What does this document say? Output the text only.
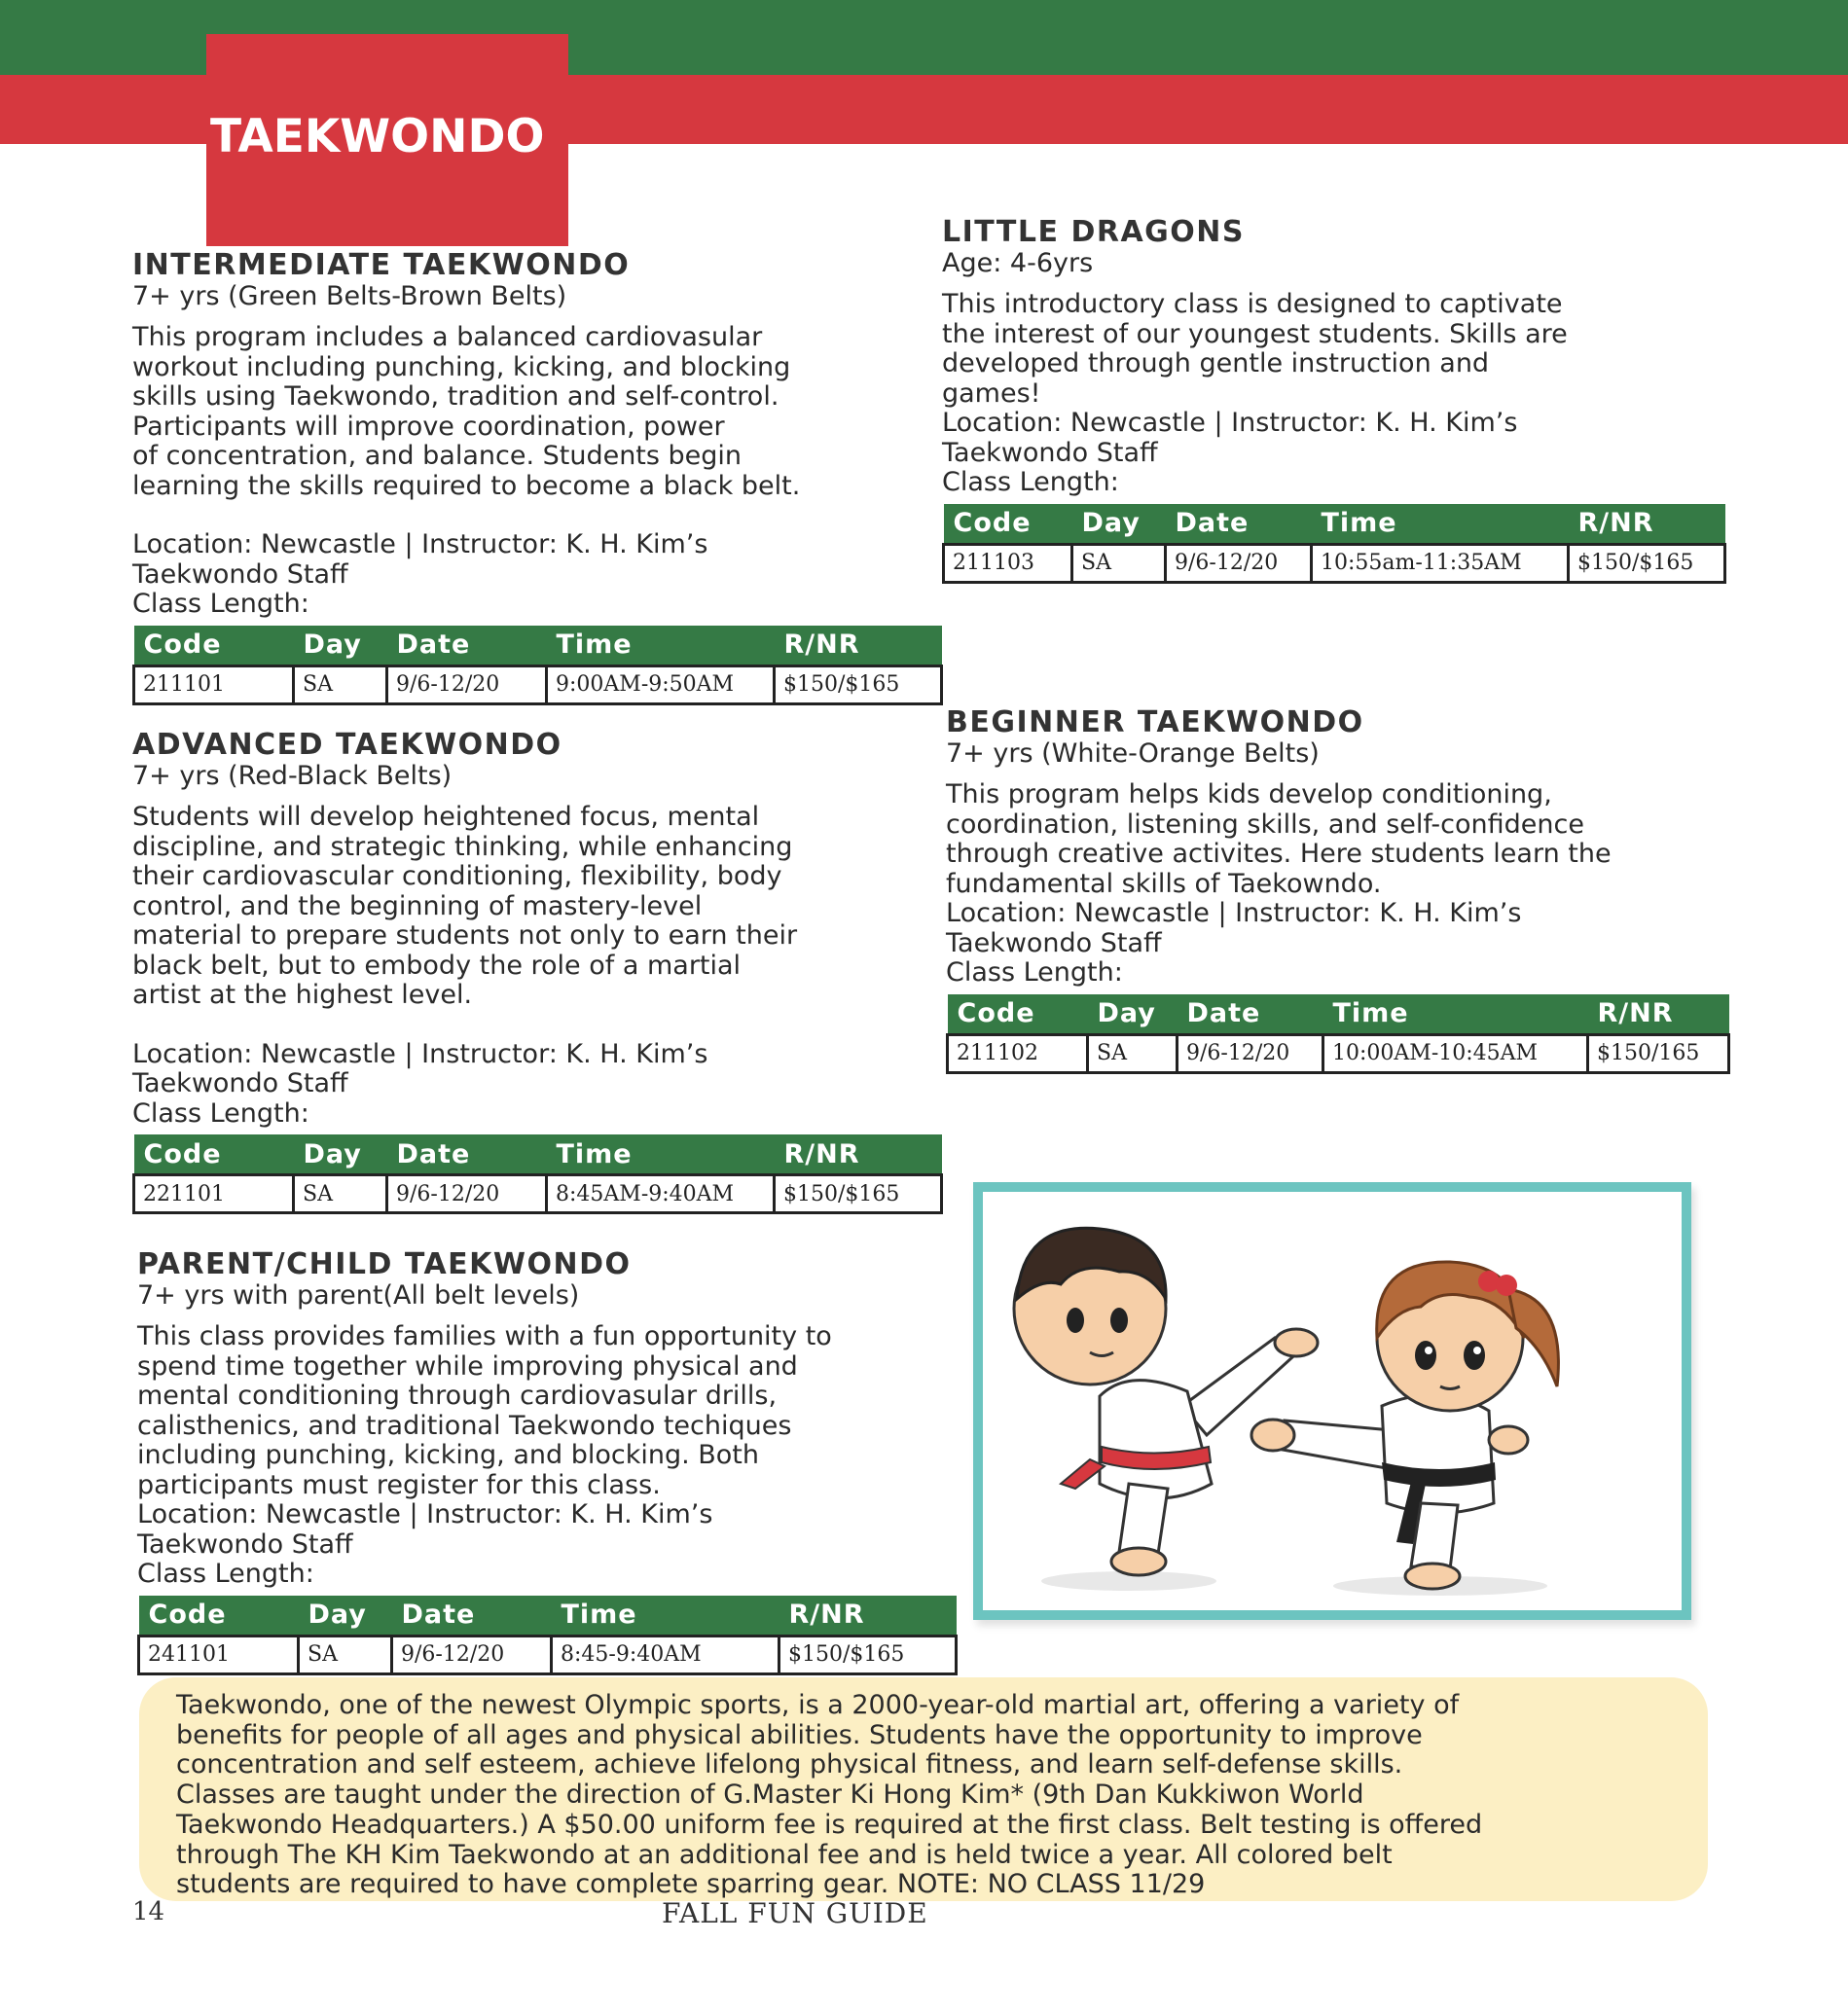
TAEKWONDO
INTERMEDIATE TAEKWONDO
7+ yrs (Green Belts-Brown Belts)
This program includes a balanced cardiovasular
workout including punching, kicking, and blocking
skills using Taekwondo, tradition and self-control.
Participants will improve coordination, power
of concentration, and balance. Students begin
learning the skills required to become a black belt.
Location: Newcastle | Instructor: K. H. Kim’s
Taekwondo Staff
Class Length:
Code	Day	Date	Time	R/NR
211101	SA	9/6-12/20	9:00AM-9:50AM	$150/$165
ADVANCED TAEKWONDO
7+ yrs (Red-Black Belts)
Students will develop heightened focus, mental
discipline, and strategic thinking, while enhancing
their cardiovascular conditioning, flexibility, body
control, and the beginning of mastery-level
material to prepare students not only to earn their
black belt, but to embody the role of a martial
artist at the highest level.
Location: Newcastle | Instructor: K. H. Kim’s
Taekwondo Staff
Class Length:
Code	Day	Date	Time	R/NR
221101	SA	9/6-12/20	8:45AM-9:40AM	$150/$165
PARENT/CHILD TAEKWONDO
7+ yrs with parent(All belt levels)
This class provides families with a fun opportunity to
spend time together while improving physical and
mental conditioning through cardiovasular drills,
calisthenics, and traditional Taekwondo techiques
including punching, kicking, and blocking. Both
participants must register for this class.
Location: Newcastle | Instructor: K. H. Kim’s
Taekwondo Staff
Class Length:
Code	Day	Date	Time	R/NR
241101	SA	9/6-12/20	8:45-9:40AM	$150/$165
LITTLE DRAGONS
Age: 4-6yrs
This introductory class is designed to captivate
the interest of our youngest students. Skills are
developed through gentle instruction and
games!
Location: Newcastle | Instructor: K. H. Kim’s
Taekwondo Staff
Class Length:
Code	Day	Date	Time	R/NR
211103	SA	9/6-12/20	10:55am-11:35AM	$150/$165
BEGINNER TAEKWONDO
7+ yrs (White-Orange Belts)
This program helps kids develop conditioning,
coordination, listening skills, and self-confidence
through creative activites. Here students learn the
fundamental skills of Taekowndo.
Location: Newcastle | Instructor: K. H. Kim’s
Taekwondo Staff
Class Length:
Code	Day	Date	Time	R/NR
211102	SA	9/6-12/20	10:00AM-10:45AM	$150/165
Taekwondo, one of the newest Olympic sports, is a 2000-year-old martial art, offering a variety of
benefits for people of all ages and physical abilities. Students have the opportunity to improve
concentration and self esteem, achieve lifelong physical fitness, and learn self-defense skills.
Classes are taught under the direction of G.Master Ki Hong Kim* (9th Dan Kukkiwon World
Taekwondo Headquarters.) A $50.00 uniform fee is required at the first class. Belt testing is offered
through The KH Kim Taekwondo at an additional fee and is held twice a year. All colored belt
students are required to have complete sparring gear. NOTE: NO CLASS 11/29
14	FALL FUN GUIDE
